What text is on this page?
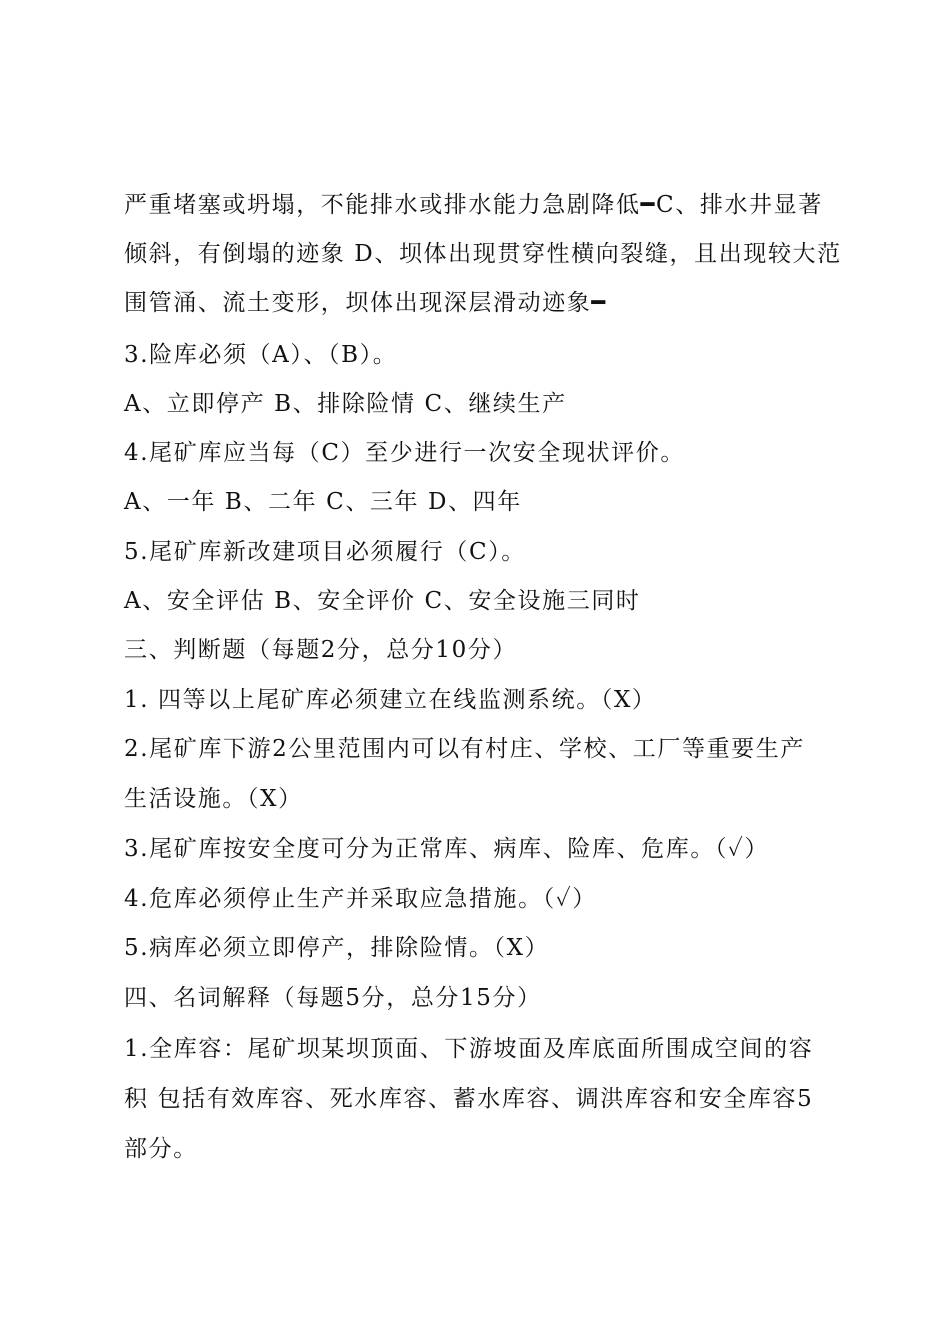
严重堵塞或坍塌，不能排水或排水能力急剧降低━C、排水井显著
倾斜，有倒塌的迹象 D、坝体出现贯穿性横向裂缝，且出现较大范
围管涌、流土变形，坝体出现深层滑动迹象━
3.险库必须（A）、（B）。
A、立即停产 B、排除险情 C、继续生产
4.尾矿库应当每（C）至少进行一次安全现状评价。
A、一年 B、二年 C、三年 D、四年
5.尾矿库新改建项目必须履行（C）。
A、安全评估 B、安全评价 C、安全设施三同时
三、判断题（每题2分，总分10分）
1. 四等以上尾矿库必须建立在线监测系统。（X）
2.尾矿库下游2公里范围内可以有村庄、学校、工厂等重要生产
生活设施。（X）
3.尾矿库按安全度可分为正常库、病库、险库、危库。（✓）
4.危库必须停止生产并采取应急措施。（✓）
5.病库必须立即停产，排除险情。（X）
四、名词解释（每题5分，总分15分）
1.全库容：尾矿坝某坝顶面、下游坡面及库底面所围成空间的容
积 包括有效库容、死水库容、蓄水库容、调洪库容和安全库容5
部分。
